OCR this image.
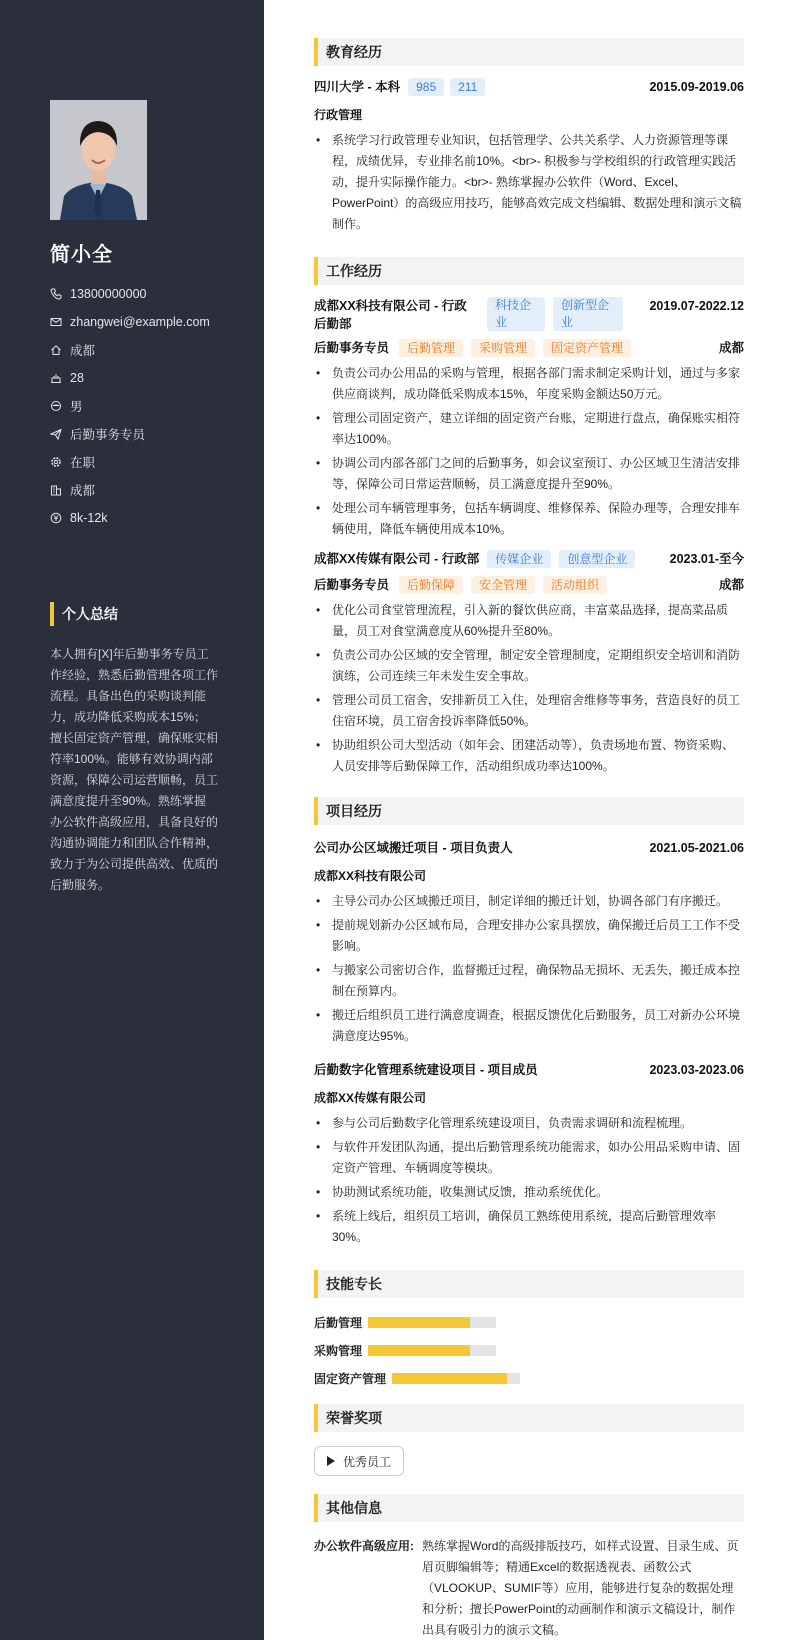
简小全
13800000000
zhangwei@example.com
成都
28
男
后勤事务专员
在职
成都
8k-12k
个人总结
本人拥有[X]年后勤事务专员工作经验，熟悉后勤管理各项工作流程。具备出色的采购谈判能力，成功降低采购成本15%；擅长固定资产管理，确保账实相符率100%。能够有效协调内部资源，保障公司运营顺畅，员工满意度提升至90%。熟练掌握办公软件高级应用，具备良好的沟通协调能力和团队合作精神，致力于为公司提供高效、优质的后勤服务。
教育经历
四川大学 - 本科	985	211	2015.09-2019.06
行政管理
• 系统学习行政管理专业知识，包括管理学、公共关系学、人力资源管理等课程，成绩优异，专业排名前10%。<br>- 积极参与学校组织的行政管理实践活动，提升实际操作能力。<br>- 熟练掌握办公软件（Word、Excel、PowerPoint）的高级应用技巧，能够高效完成文档编辑、数据处理和演示文稿制作。
工作经历
成都XX科技有限公司 - 行政后勤部
科技企业
创新型企业
2019.07-2022.12
后勤事务专员	后勤管理	采购管理	固定资产管理	成都
• 负责公司办公用品的采购与管理，根据各部门需求制定采购计划，通过与多家供应商谈判，成功降低采购成本15%，年度采购金额达50万元。
• 管理公司固定资产，建立详细的固定资产台账，定期进行盘点，确保账实相符率达100%。
• 协调公司内部各部门之间的后勤事务，如会议室预订、办公区域卫生清洁安排等，保障公司日常运营顺畅，员工满意度提升至90%。
• 处理公司车辆管理事务，包括车辆调度、维修保养、保险办理等，合理安排车辆使用，降低车辆使用成本10%。
成都XX传媒有限公司 - 行政部	传媒企业	创意型企业	2023.01-至今
后勤事务专员	后勤保障	安全管理	活动组织	成都
• 优化公司食堂管理流程，引入新的餐饮供应商，丰富菜品选择，提高菜品质量，员工对食堂满意度从60%提升至80%。
• 负责公司办公区域的安全管理，制定安全管理制度，定期组织安全培训和消防演练，公司连续三年未发生安全事故。
• 管理公司员工宿舍，安排新员工入住，处理宿舍维修等事务，营造良好的员工住宿环境，员工宿舍投诉率降低50%。
• 协助组织公司大型活动（如年会、团建活动等），负责场地布置、物资采购、人员安排等后勤保障工作，活动组织成功率达100%。
项目经历
公司办公区域搬迁项目 - 项目负责人	2021.05-2021.06
成都XX科技有限公司
• 主导公司办公区域搬迁项目，制定详细的搬迁计划，协调各部门有序搬迁。
• 提前规划新办公区域布局，合理安排办公家具摆放，确保搬迁后员工工作不受影响。
• 与搬家公司密切合作，监督搬迁过程，确保物品无损坏、无丢失，搬迁成本控制在预算内。
• 搬迁后组织员工进行满意度调查，根据反馈优化后勤服务，员工对新办公环境满意度达95%。
后勤数字化管理系统建设项目 - 项目成员	2023.03-2023.06
成都XX传媒有限公司
• 参与公司后勤数字化管理系统建设项目，负责需求调研和流程梳理。
• 与软件开发团队沟通，提出后勤管理系统功能需求，如办公用品采购申请、固定资产管理、车辆调度等模块。
• 协助测试系统功能，收集测试反馈，推动系统优化。
• 系统上线后，组织员工培训，确保员工熟练使用系统，提高后勤管理效率30%。
技能专长
后勤管理

采购管理

固定资产管理
荣誉奖项
优秀员工
其他信息
办公软件高级应用: 熟练掌握Word的高级排版技巧，如样式设置、目录生成、页眉页脚编辑等；精通Excel的数据透视表、函数公式（VLOOKUP、SUMIF等）应用，能够进行复杂的数据处理和分析；擅长PowerPoint的动画制作和演示文稿设计，制作出具有吸引力的演示文稿。
